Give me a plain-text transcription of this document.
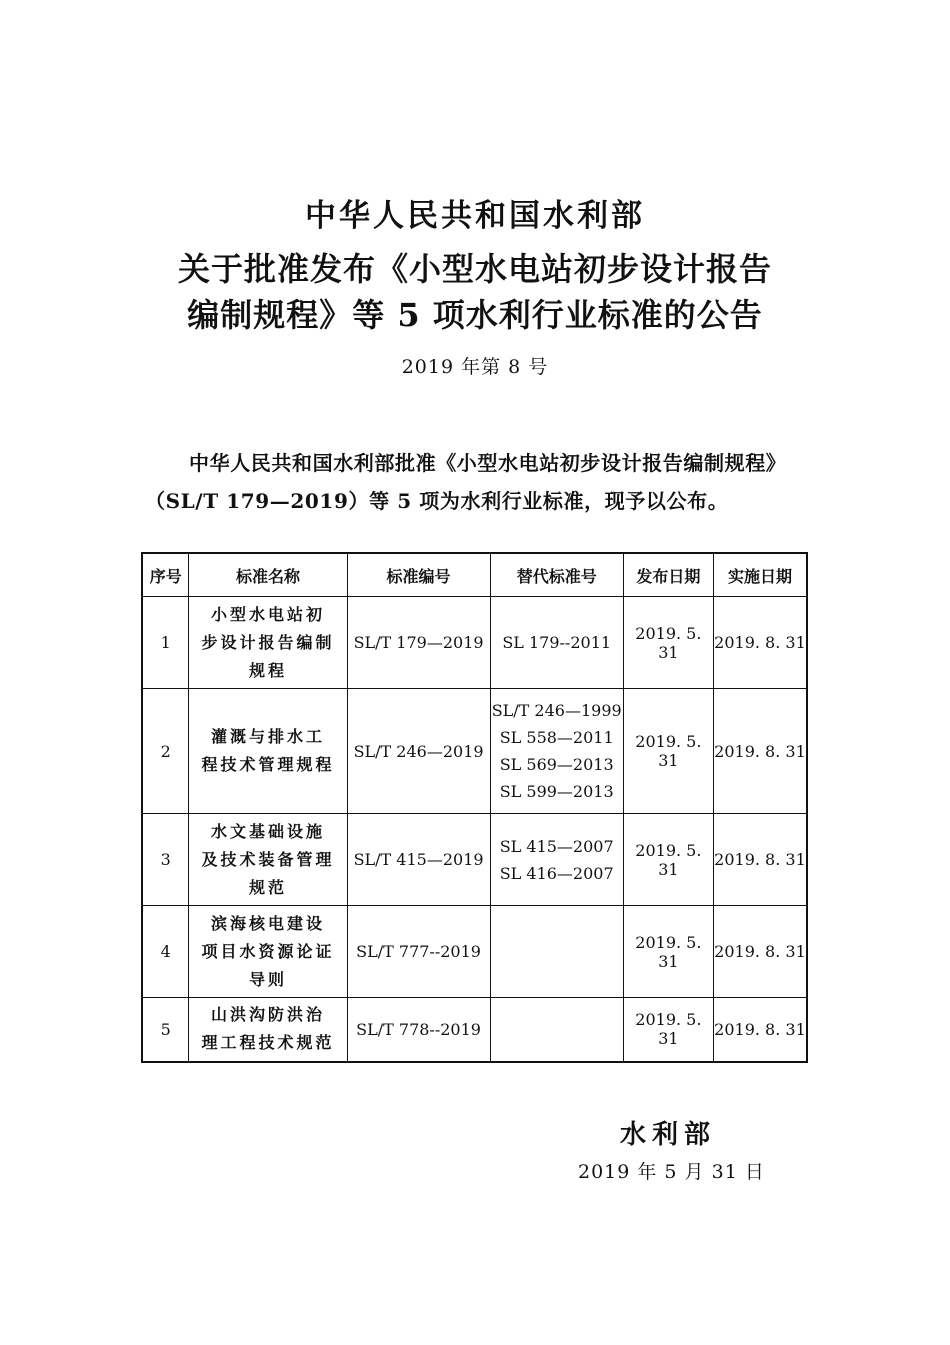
中华人民共和国水利部
关于批准发布《小型水电站初步设计报告
编制规程》等 5 项水利行业标准的公告
2019 年第 8 号
中华人民共和国水利部批准《小型水电站初步设计报告编制规程》（SL/T 179—2019）等 5 项为水利行业标准，现予以公布。
序号	标准名称	标准编号	替代标准号	发布日期	实施日期
1	小型水电站初
步设计报告编制
规程	SL/T 179—2019	SL 179--2011	2019. 5. 31	2019. 8. 31
2	灌溉与排水工
程技术管理规程	SL/T 246—2019	SL/T 246—1999
SL 558—2011
SL 569—2013
SL 599—2013	2019. 5. 31	2019. 8. 31
3	水文基础设施
及技术装备管理
规范	SL/T 415—2019	SL 415—2007
SL 416—2007	2019. 5. 31	2019. 8. 31
4	滨海核电建设
项目水资源论证
导则	SL/T 777--2019		2019. 5. 31	2019. 8. 31
5	山洪沟防洪治
理工程技术规范	SL/T 778--2019		2019. 5. 31	2019. 8. 31
水利部
2019 年 5 月 31 日
